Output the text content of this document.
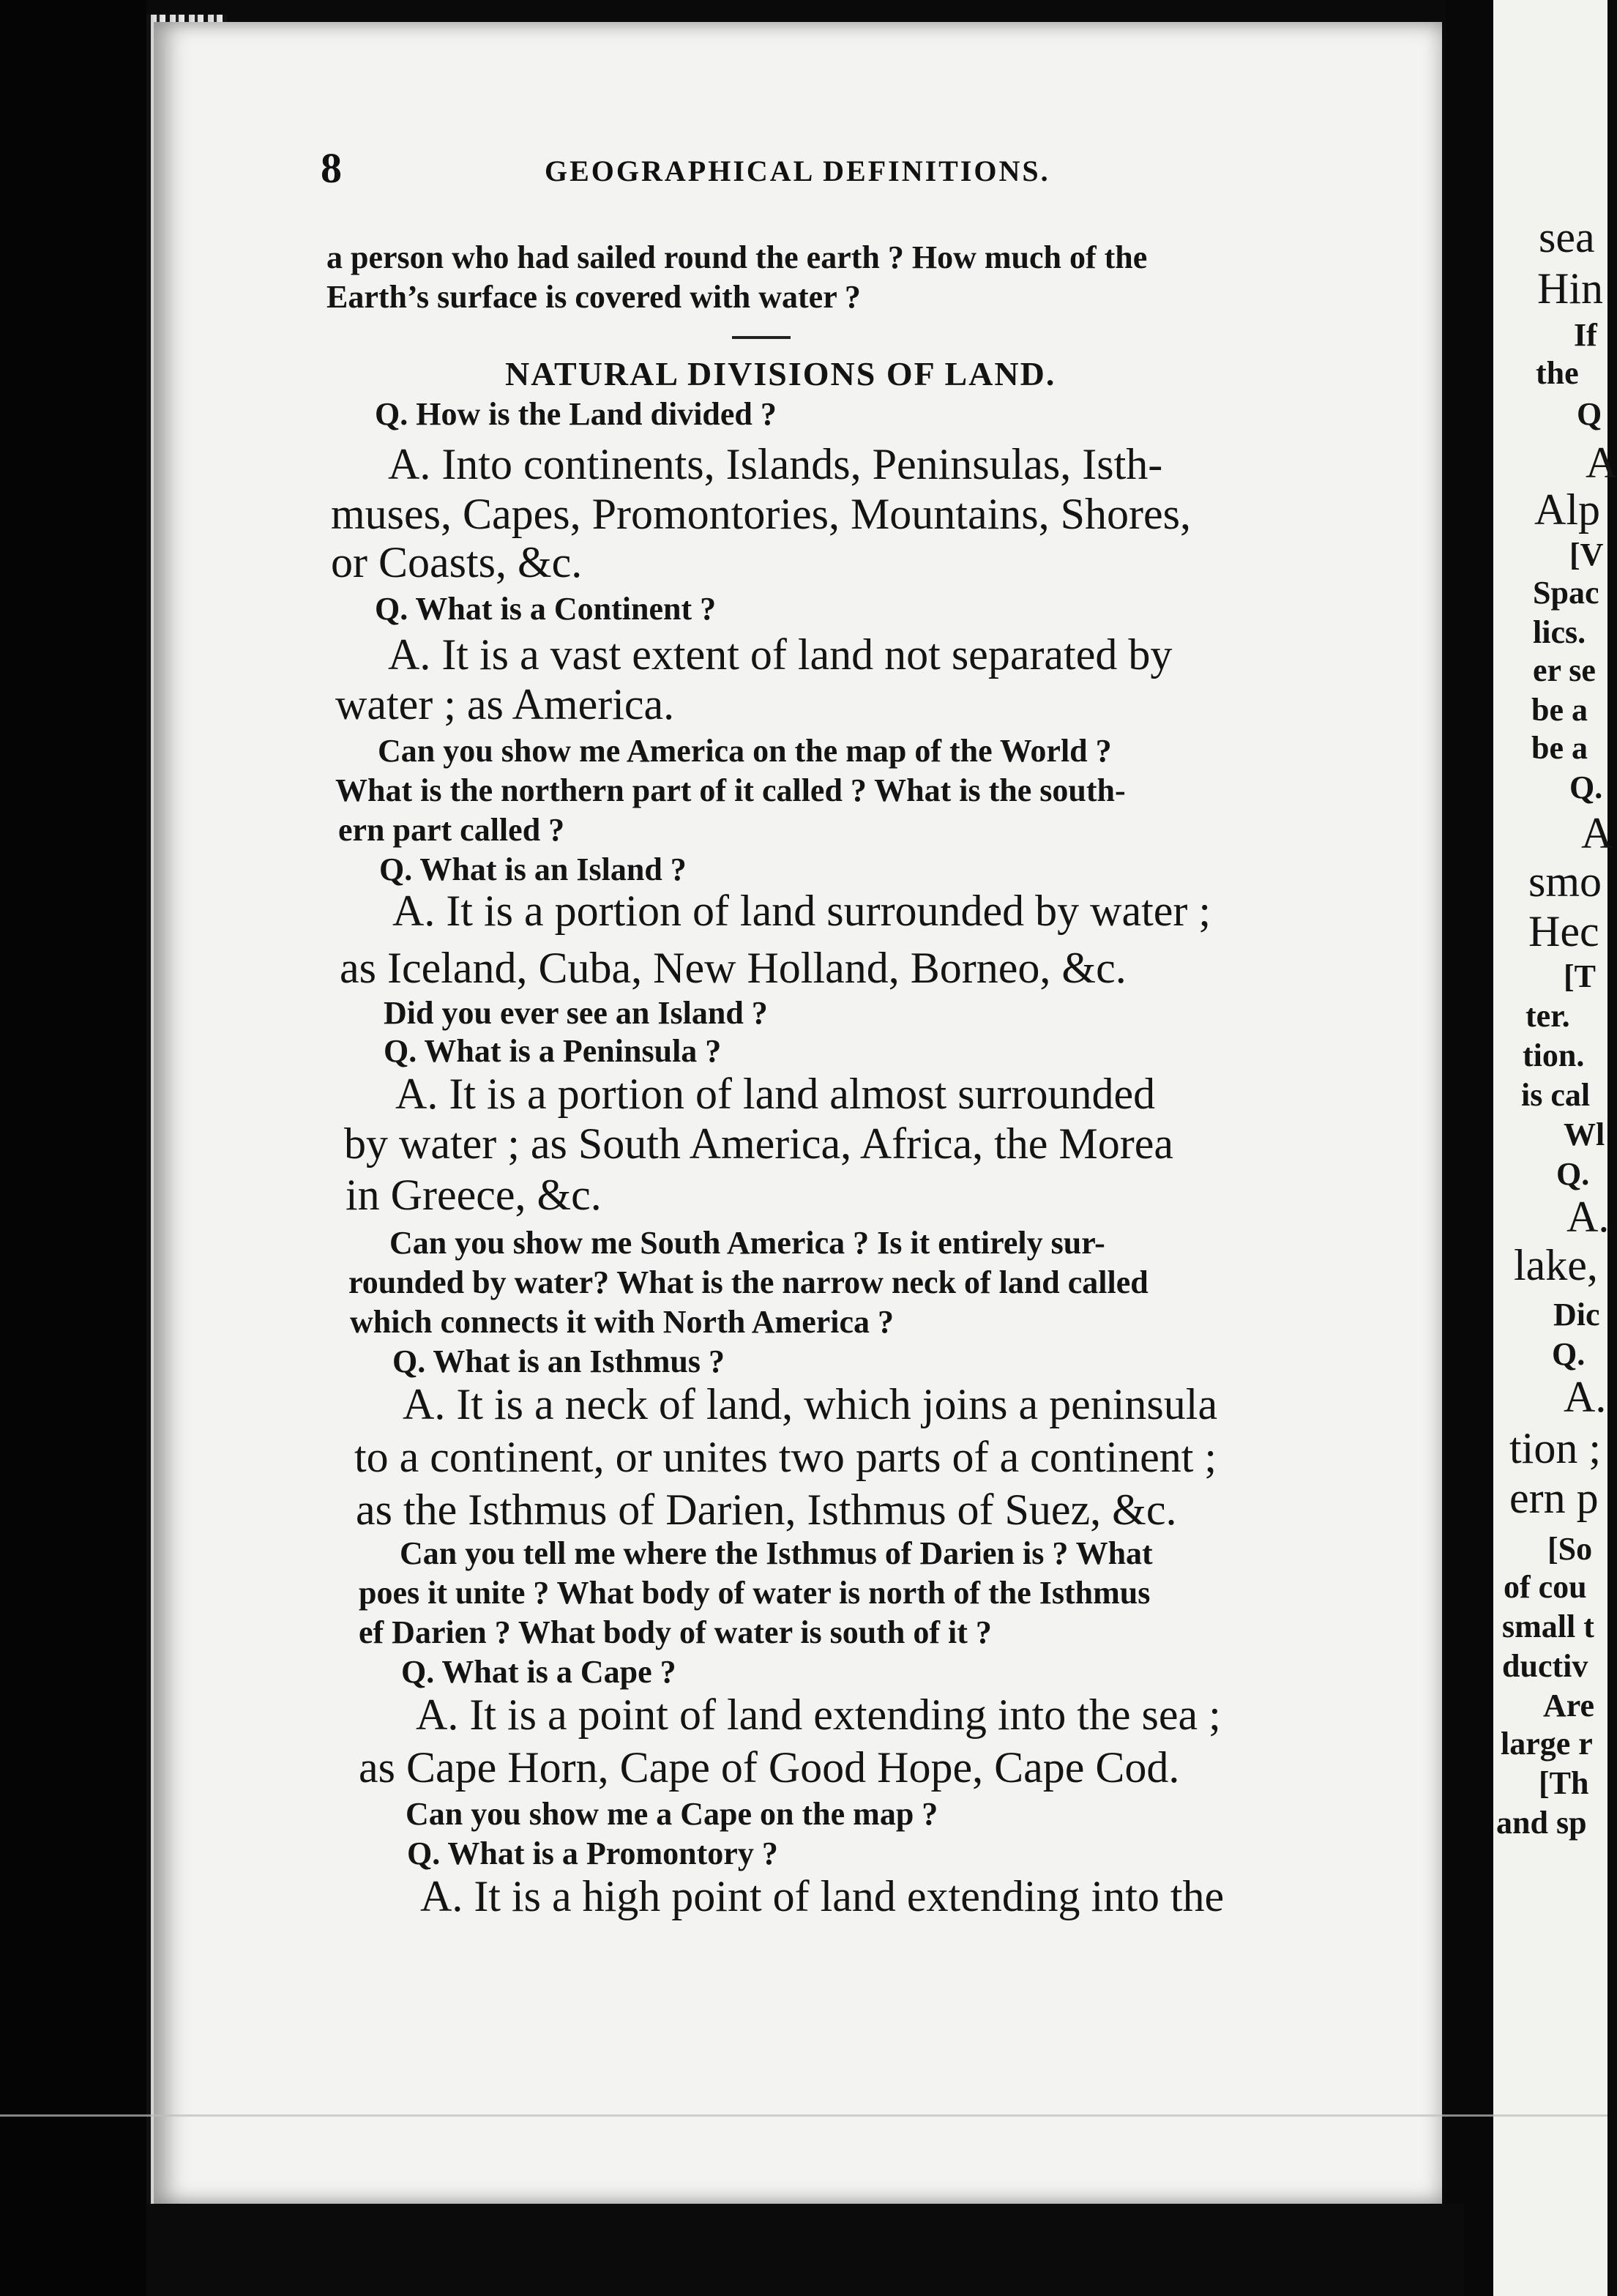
8	GEOGRAPHICAL DEFINITIONS.
a person who had sailed round the earth ? How much of the
Earth’s surface is covered with water ?
NATURAL DIVISIONS OF LAND.
Q. How is the Land divided ?
A. Into continents, Islands, Peninsulas, Isth-
muses, Capes, Promontories, Mountains, Shores,
or Coasts, &c.
Q. What is a Continent ?
A. It is a vast extent of land not separated by
water ; as America.
Can you show me America on the map of the World ?
What is the northern part of it called ? What is the south-
ern part called ?
Q. What is an Island ?
A. It is a portion of land surrounded by water ;
as Iceland, Cuba, New Holland, Borneo, &c.
Did you ever see an Island ?
Q. What is a Peninsula ?
A. It is a portion of land almost surrounded
by water ; as South America, Africa, the Morea
in Greece, &c.
Can you show me South America ? Is it entirely sur-
rounded by water? What is the narrow neck of land called
which connects it with North America ?
Q. What is an Isthmus ?
A. It is a neck of land, which joins a peninsula
to a continent, or unites two parts of a continent ;
as the Isthmus of Darien, Isthmus of Suez, &c.
Can you tell me where the Isthmus of Darien is ? What
poes it unite ? What body of water is north of the Isthmus
ef Darien ? What body of water is south of it ?
Q. What is a Cape ?
A. It is a point of land extending into the sea ;
as Cape Horn, Cape of Good Hope, Cape Cod.
Can you show me a Cape on the map ?
Q. What is a Promontory ?
A. It is a high point of land extending into the
sea
Hin
If
the
Q
A
Alp
[V
Spac
lics.
er se
be a
be a
Q.
A
smo
Hec
[T
ter.
tion.
is cal
Wl
Q.
A.
lake,
Dic
Q.
A.
tion ;
ern p
[So
of cou
small t
ductiv
Are
large r
[Th
and sp
